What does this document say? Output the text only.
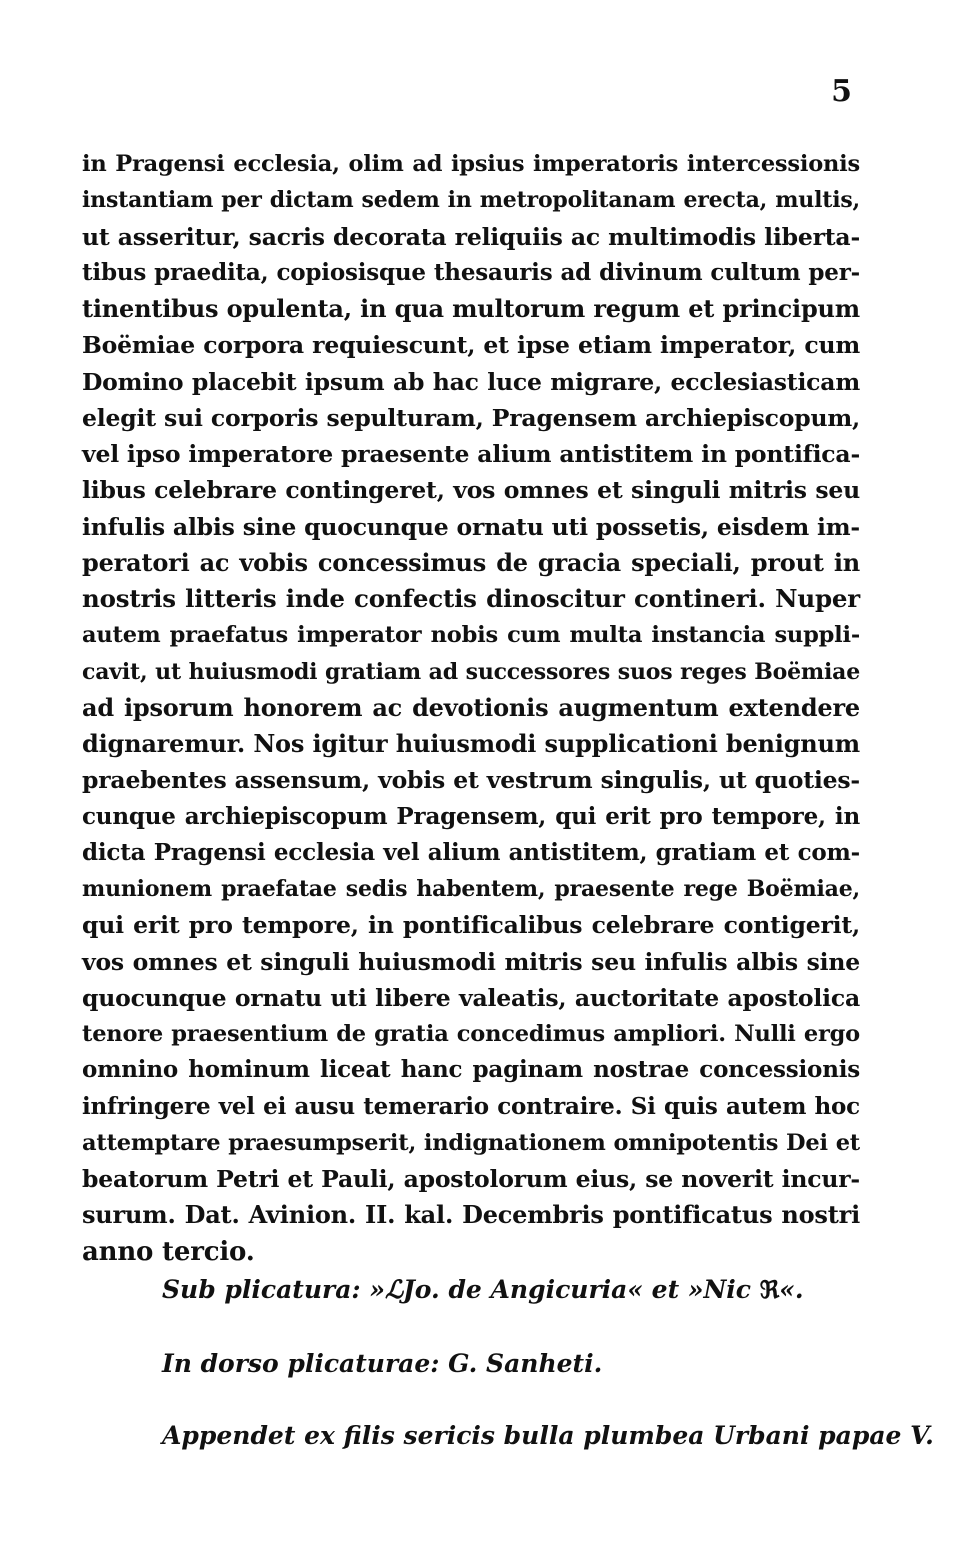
5
in Pragensi ecclesia, olim ad ipsius imperatoris intercessionis
instantiam per dictam sedem in metropolitanam erecta, multis,
ut asseritur, sacris decorata reliquiis ac multimodis liberta-
tibus praedita, copiosisque thesauris ad divinum cultum per-
tinentibus opulenta, in qua multorum regum et principum
Boëmiae corpora requiescunt, et ipse etiam imperator, cum
Domino placebit ipsum ab hac luce migrare, ecclesiasticam
elegit sui corporis sepulturam, Pragensem archiepiscopum,
vel ipso imperatore praesente alium antistitem in pontifica-
libus celebrare contingeret, vos omnes et singuli mitris seu
infulis albis sine quocunque ornatu uti possetis, eisdem im-
peratori ac vobis concessimus de gracia speciali, prout in
nostris litteris inde confectis dinoscitur contineri. Nuper
autem praefatus imperator nobis cum multa instancia suppli-
cavit, ut huiusmodi gratiam ad successores suos reges Boëmiae
ad ipsorum honorem ac devotionis augmentum extendere
dignaremur. Nos igitur huiusmodi supplicationi benignum
praebentes assensum, vobis et vestrum singulis, ut quoties-
cunque archiepiscopum Pragensem, qui erit pro tempore, in
dicta Pragensi ecclesia vel alium antistitem, gratiam et com-
munionem praefatae sedis habentem, praesente rege Boëmiae,
qui erit pro tempore, in pontificalibus celebrare contigerit,
vos omnes et singuli huiusmodi mitris seu infulis albis sine
quocunque ornatu uti libere valeatis, auctoritate apostolica
tenore praesentium de gratia concedimus ampliori. Nulli ergo
omnino hominum liceat hanc paginam nostrae concessionis
infringere vel ei ausu temerario contraire. Si quis autem hoc
attemptare praesumpserit, indignationem omnipotentis Dei et
beatorum Petri et Pauli, apostolorum eius, se noverit incur-
surum. Dat. Avinion. II. kal. Decembris pontificatus nostri
anno tercio.
Sub plicatura: »ℒJo. de Angicuria« et »Nic ℜ«.
In dorso plicaturae: G. Sanheti.
Appendet ex filis sericis bulla plumbea Urbani papae V.
